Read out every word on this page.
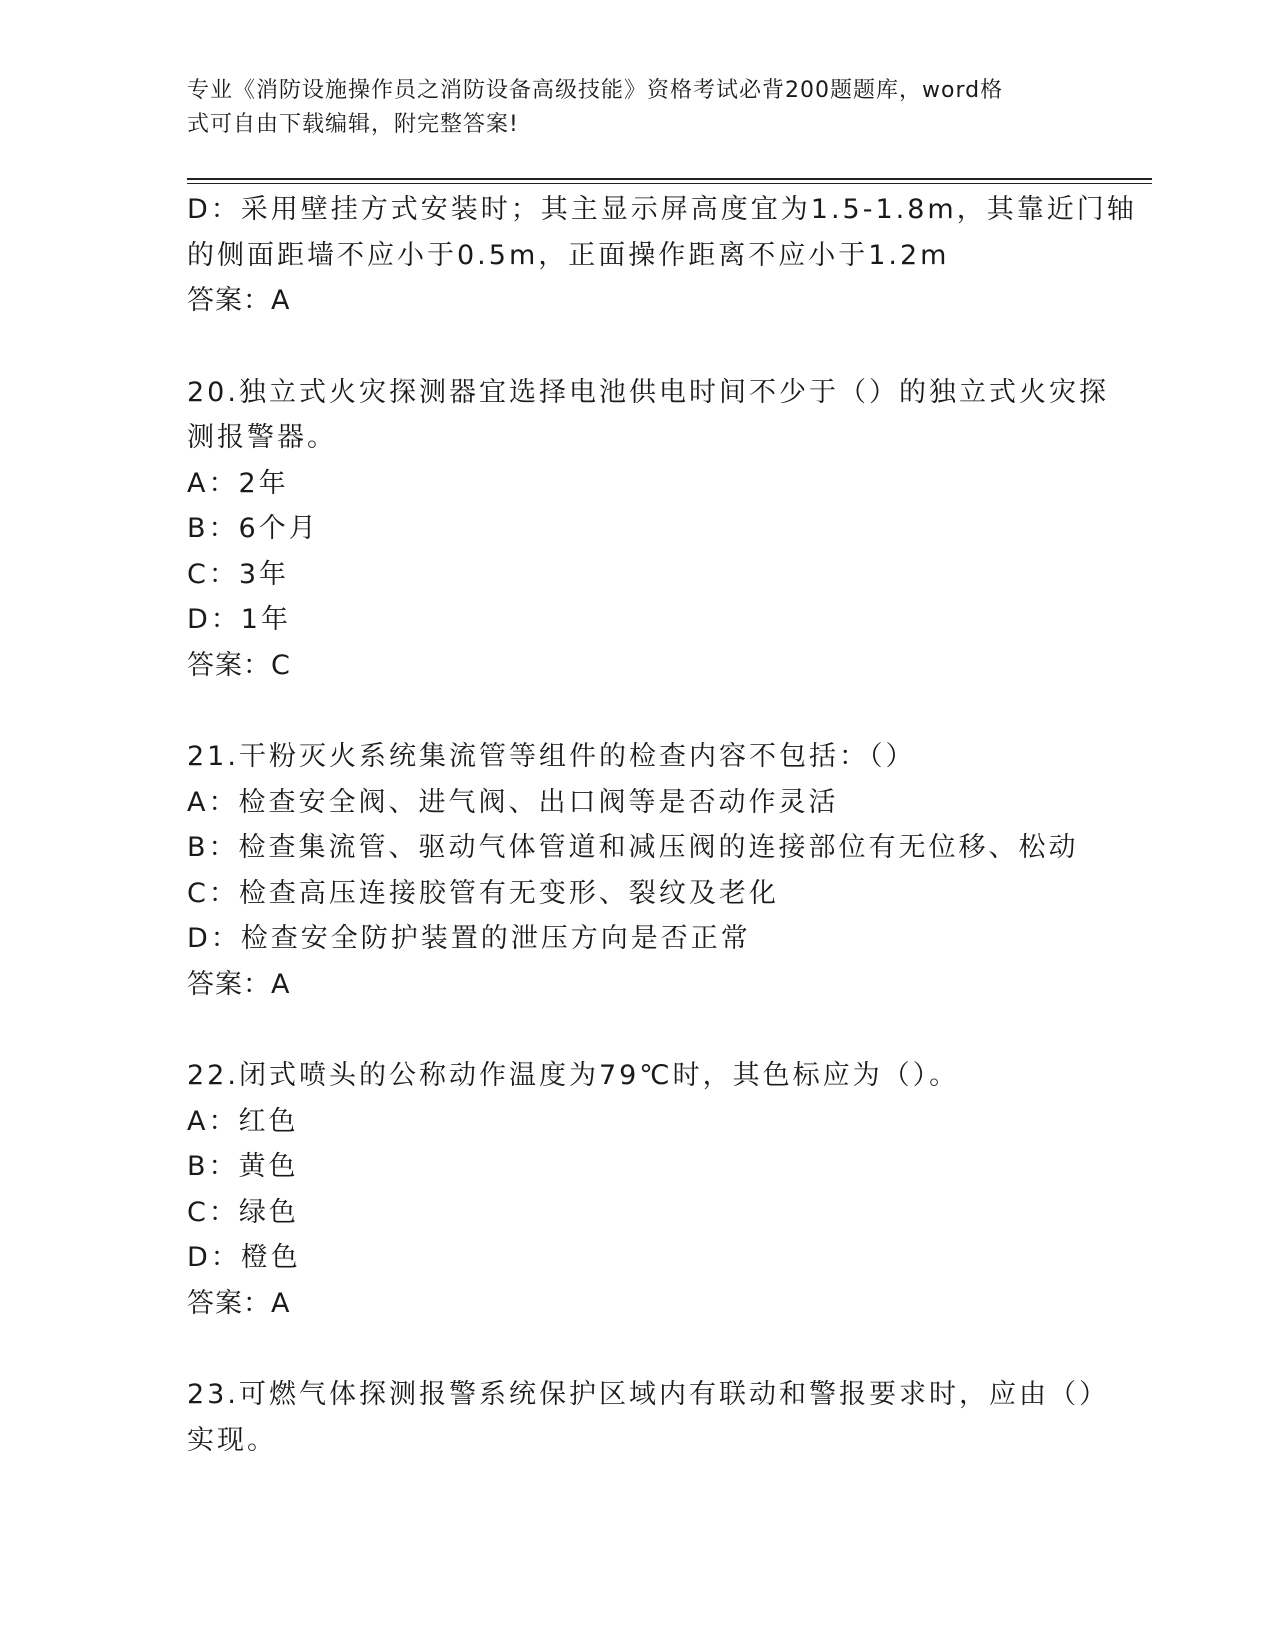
专业《消防设施操作员之消防设备高级技能》资格考试必背200题题库，word格
式可自由下载编辑，附完整答案!
D：采用壁挂方式安装时；其主显示屏高度宜为1.5-1.8m，其靠近门轴
的侧面距墙不应小于0.5m，正面操作距离不应小于1.2m
答案：A
20.独立式火灾探测器宜选择电池供电时间不少于（）的独立式火灾探
测报警器。
A：2年
B：6个月
C：3年
D：1年
答案：C
21.干粉灭火系统集流管等组件的检查内容不包括：（）
A：检查安全阀、进气阀、出口阀等是否动作灵活
B：检查集流管、驱动气体管道和减压阀的连接部位有无位移、松动
C：检查高压连接胶管有无变形、裂纹及老化
D：检查安全防护装置的泄压方向是否正常
答案：A
22.闭式喷头的公称动作温度为79℃时，其色标应为（）。
A：红色
B：黄色
C：绿色
D：橙色
答案：A
23.可燃气体探测报警系统保护区域内有联动和警报要求时，应由（）
实现。
